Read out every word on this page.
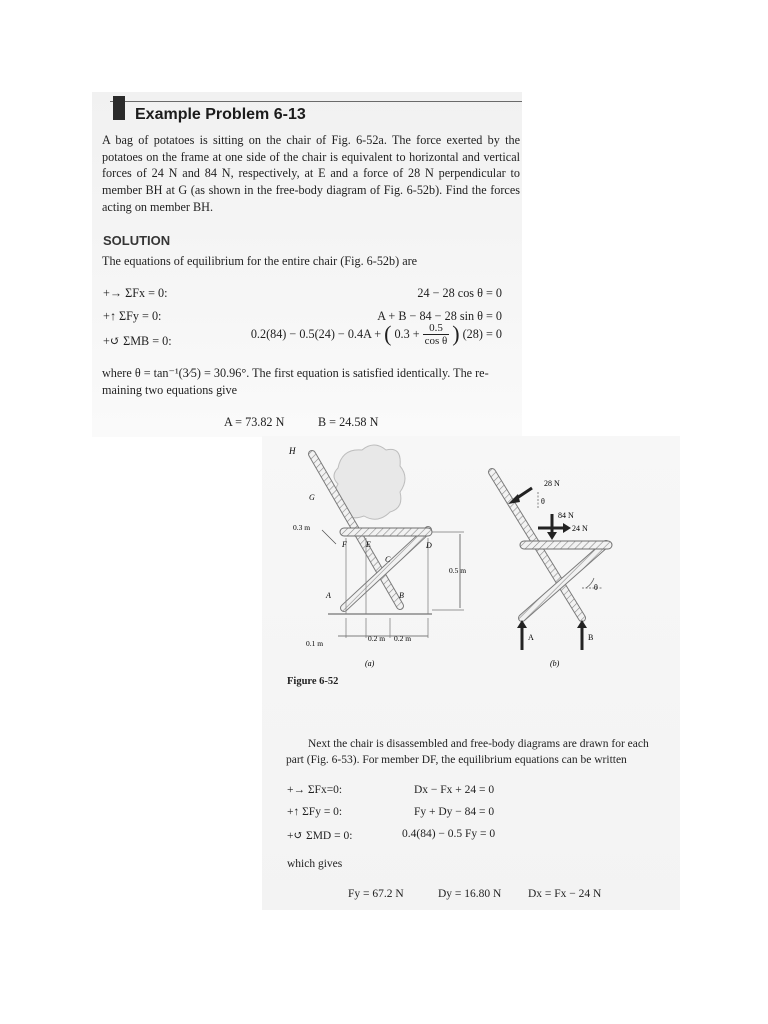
Example Problem 6-13
A bag of potatoes is sitting on the chair of Fig. 6-52a. The force exerted by the potatoes on the frame at one side of the chair is equivalent to horizontal and vertical forces of 24 N and 84 N, respectively, at E and a force of 28 N perpendicular to member BH at G (as shown in the free-body diagram of Fig. 6-52b). Find the forces acting on member BH.
SOLUTION
The equations of equilibrium for the entire chair (Fig. 6-52b) are
+→ ΣFx = 0:	24 − 28 cos θ = 0
+↑ ΣFy = 0:	A + B − 84 − 28 sin θ = 0
+↺ ΣMB = 0:
0.2(84) − 0.5(24) − 0.4A + ( $0.3 + \frac{0.5}{\text{cos θ}}$ ) (28) = 0
where θ = tan⁻¹(3⁄5) = 30.96°. The first equation is satisfied identically. The re-
maining two equations give
A = 73.82 N	B = 24.58 N
H
G
E
F	D
C
A	B
0.3 m
0.5 m
0.1 m
0.2 m 0.2 m
(a)
28 N
θ
84 N
24 N
θ
A	B
(b)
Figure 6-52
Next the chair is disassembled and free-body diagrams are drawn for each
part (Fig. 6-53). For member DF, the equilibrium equations can be written
+→ ΣFx=0:	Dx − Fx + 24 = 0
+↑ ΣFy = 0:	Fy + Dy − 84 = 0
+↺ ΣMD = 0:	0.4(84) − 0.5 Fy = 0
which gives
Fy = 67.2 N	Dy = 16.80 N Dx = Fx − 24 N
